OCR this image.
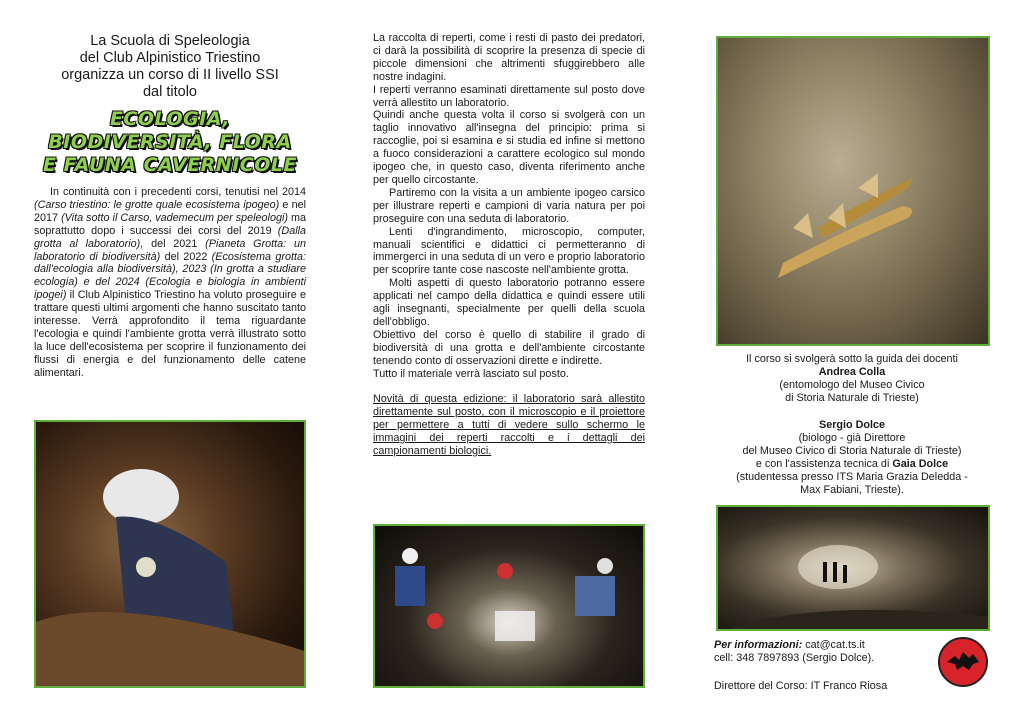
La Scuola di Speleologia
del Club Alpinistico Triestino
organizza un corso di II livello SSI
dal titolo
ECOLOGIA,
BIODIVERSITÀ, FLORA
E FAUNA CAVERNICOLE

In continuità con i precedenti corsi, tenutisi nel 2014 (Carso triestino: le grotte quale ecosistema ipogeo) e nel 2017 (Vita sotto il Carso, vademecum per speleologi) ma soprattutto dopo i successi dei corsi del 2019 (Dalla grotta al laboratorio), del 2021 (Pianeta Grotta: un laboratorio di biodiversità) del 2022 (Ecosistema grotta: dall'ecologia alla biodiversità), 2023 (In grotta a studiare ecologia) e del 2024 (Ecologia e biologia in ambienti ipogei) il Club Alpinistico Triestino ha voluto proseguire e trattare questi ultimi argomenti che hanno suscitato tanto interesse. Verrà approfondito il tema riguardante l'ecologia e quindi l'ambiente grotta verrà illustrato sotto la luce dell'ecosistema per scoprire il funzionamento dei flussi di energia e del funzionamento delle catene alimentari.

La raccolta di reperti, come i resti di pasto dei predatori, ci darà la possibilità di scoprire la presenza di specie di piccole dimensioni che altrimenti sfuggirebbero alle nostre indagini.

I reperti verranno esaminati direttamente sul posto dove verrà allestito un laboratorio.

Quindi anche questa volta il corso si svolgerà con un taglio innovativo all'insegna del principio: prima si raccoglie, poi si esamina e si studia ed infine si mettono a fuoco considerazioni a carattere ecologico sul mondo ipogeo che, in questo caso, diventa riferimento anche per quello circostante.

Partiremo con la visita a un ambiente ipogeo carsico per illustrare reperti e campioni di varia natura per poi proseguire con una seduta di laboratorio.

Lenti d'ingrandimento, microscopio, computer, manuali scientifici e didattici ci permetteranno di immergerci in una seduta di un vero e proprio laboratorio per scoprire tante cose nascoste nell'ambiente grotta.

Molti aspetti di questo laboratorio potranno essere applicati nel campo della didattica e quindi essere utili agli insegnanti, specialmente per quelli della scuola dell'obbligo.

Obiettivo del corso è quello di stabilire il grado di biodiversità di una grotta e dell'ambiente circostante tenendo conto di osservazioni dirette e indirette.

Tutto il materiale verrà lasciato sul posto.

Novità di questa edizione: il laboratorio sarà allestito direttamente sul posto, con il microscopio e il proiettore per permettere a tutti di vedere sullo schermo le immagini dei reperti raccolti e i dettagli dei campionamenti biologici.

Il corso si svolgerà sotto la guida dei docenti
Andrea Colla
(entomologo del Museo Civico
di Storia Naturale di Trieste)
Sergio Dolce
(biologo - già Direttore
del Museo Civico di Storia Naturale di Trieste)
e con l'assistenza tecnica di Gaia Dolce
(studentessa presso ITS Maria Grazia Deledda -
Max Fabiani, Trieste).
Per informazioni: cat@cat.ts.it
cell: 348 7897893 (Sergio Dolce).
Direttore del Corso: IT Franco Riosa
